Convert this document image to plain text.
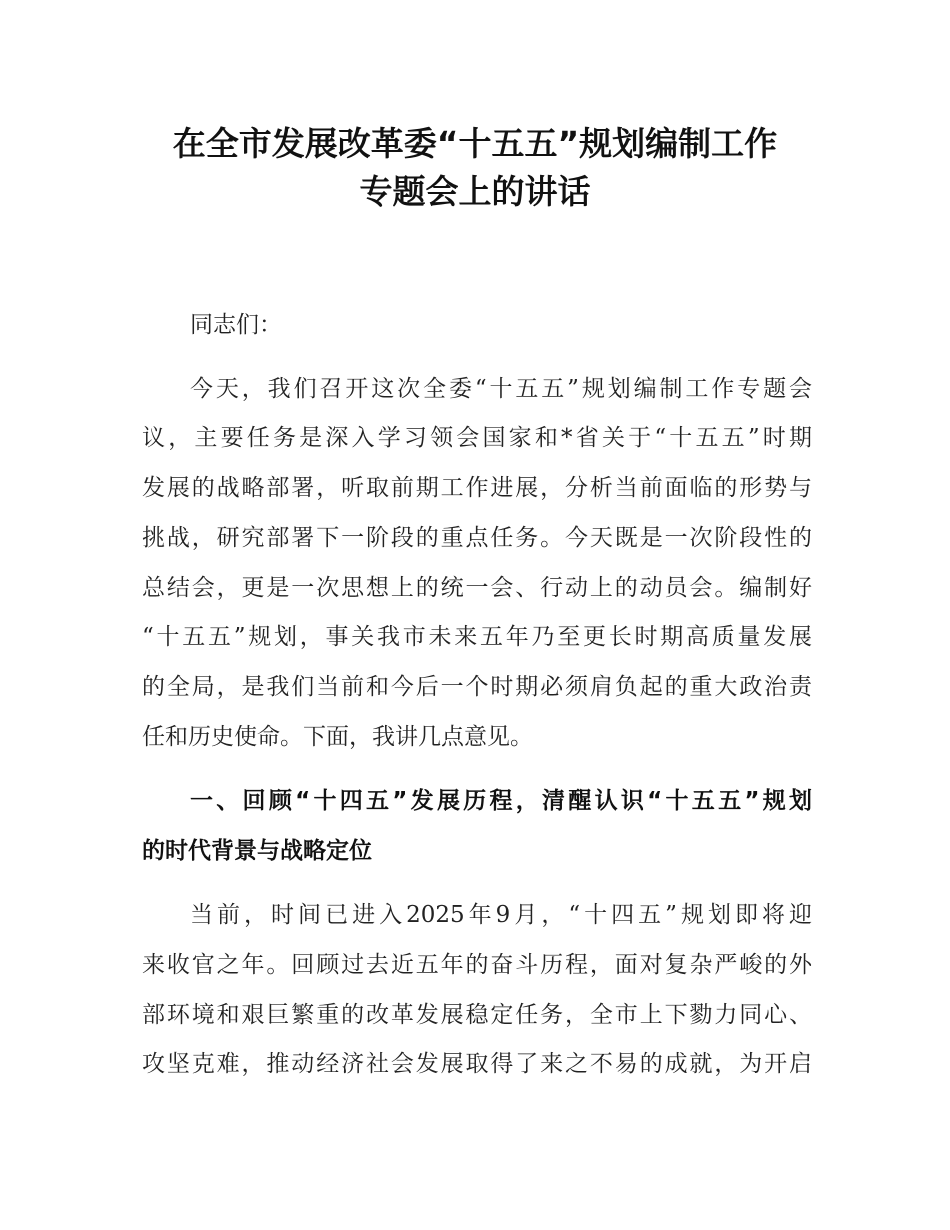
在全市发展改革委“十五五”规划编制工作
专题会上的讲话
同志们：
今天，我们召开这次全委“十五五”规划编制工作专题会
议，主要任务是深入学习领会国家和*省关于“十五五”时期
发展的战略部署，听取前期工作进展，分析当前面临的形势与
挑战，研究部署下一阶段的重点任务。今天既是一次阶段性的
总结会，更是一次思想上的统一会、行动上的动员会。编制好
“十五五”规划，事关我市未来五年乃至更长时期高质量发展
的全局，是我们当前和今后一个时期必须肩负起的重大政治责
任和历史使命。下面，我讲几点意见。
一、回顾“十四五”发展历程，清醒认识“十五五”规划
的时代背景与战略定位
当前，时间已进入2025年9月，“十四五”规划即将迎
来收官之年。回顾过去近五年的奋斗历程，面对复杂严峻的外
部环境和艰巨繁重的改革发展稳定任务，全市上下勠力同心、
攻坚克难，推动经济社会发展取得了来之不易的成就，为开启
